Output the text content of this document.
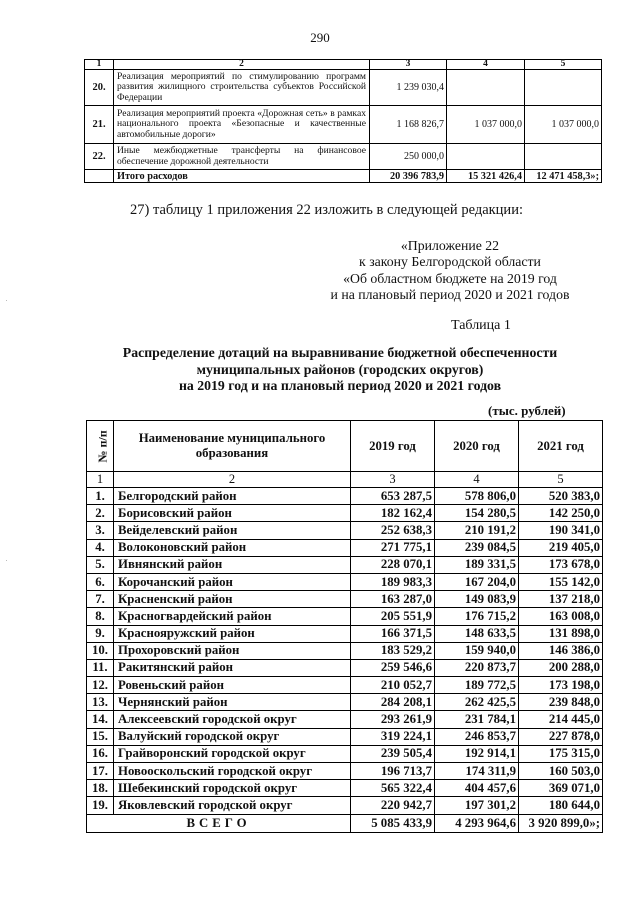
290
1	2	3	4	5
20.	Реализация мероприятий по стимулированию программ развития жилищного строительства субъектов Российской Федерации	1 239 030,4		
21.	Реализация мероприятий проекта «Дорожная сеть» в рамках национального проекта «Безопасные и качественные автомобильные дороги»	1 168 826,7	1 037 000,0	1 037 000,0
22.	Иные межбюджетные трансферты на финансовое обеспечение дорожной деятельности	250 000,0		
	Итого расходов	20 396 783,9	15 321 426,4	12 471 458,3»;
27) таблицу 1 приложения 22 изложить в следующей редакции:
«Приложение 22
к закону Белгородской области
«Об областном бюджете на 2019 год
и на плановый период 2020 и 2021 годов
Таблица 1
Распределение дотаций на выравнивание бюджетной обеспеченности
муниципальных районов (городских округов)
на 2019 год и на плановый период 2020 и 2021 годов
(тыс. рублей)
№ п/п	Наименование муниципального образования	2019 год	2020 год	2021 год
1	2	3	4	5
1.	Белгородский район	653 287,5	578 806,0	520 383,0
2.	Борисовский район	182 162,4	154 280,5	142 250,0
3.	Вейделевский район	252 638,3	210 191,2	190 341,0
4.	Волоконовский район	271 775,1	239 084,5	219 405,0
5.	Ивнянский район	228 070,1	189 331,5	173 678,0
6.	Корочанский район	189 983,3	167 204,0	155 142,0
7.	Красненский район	163 287,0	149 083,9	137 218,0
8.	Красногвардейский район	205 551,9	176 715,2	163 008,0
9.	Краснояружский район	166 371,5	148 633,5	131 898,0
10.	Прохоровский район	183 529,2	159 940,0	146 386,0
11.	Ракитянский район	259 546,6	220 873,7	200 288,0
12.	Ровеньский район	210 052,7	189 772,5	173 198,0
13.	Чернянский район	284 208,1	262 425,5	239 848,0
14.	Алексеевский городской округ	293 261,9	231 784,1	214 445,0
15.	Валуйский городской округ	319 224,1	246 853,7	227 878,0
16.	Грайворонский городской округ	239 505,4	192 914,1	175 315,0
17.	Новооскольский городской округ	196 713,7	174 311,9	160 503,0
18.	Шебекинский городской округ	565 322,4	404 457,6	369 071,0
19.	Яковлевский городской округ	220 942,7	197 301,2	180 644,0
ВСЕГО		5 085 433,9	4 293 964,6	3 920 899,0»;
